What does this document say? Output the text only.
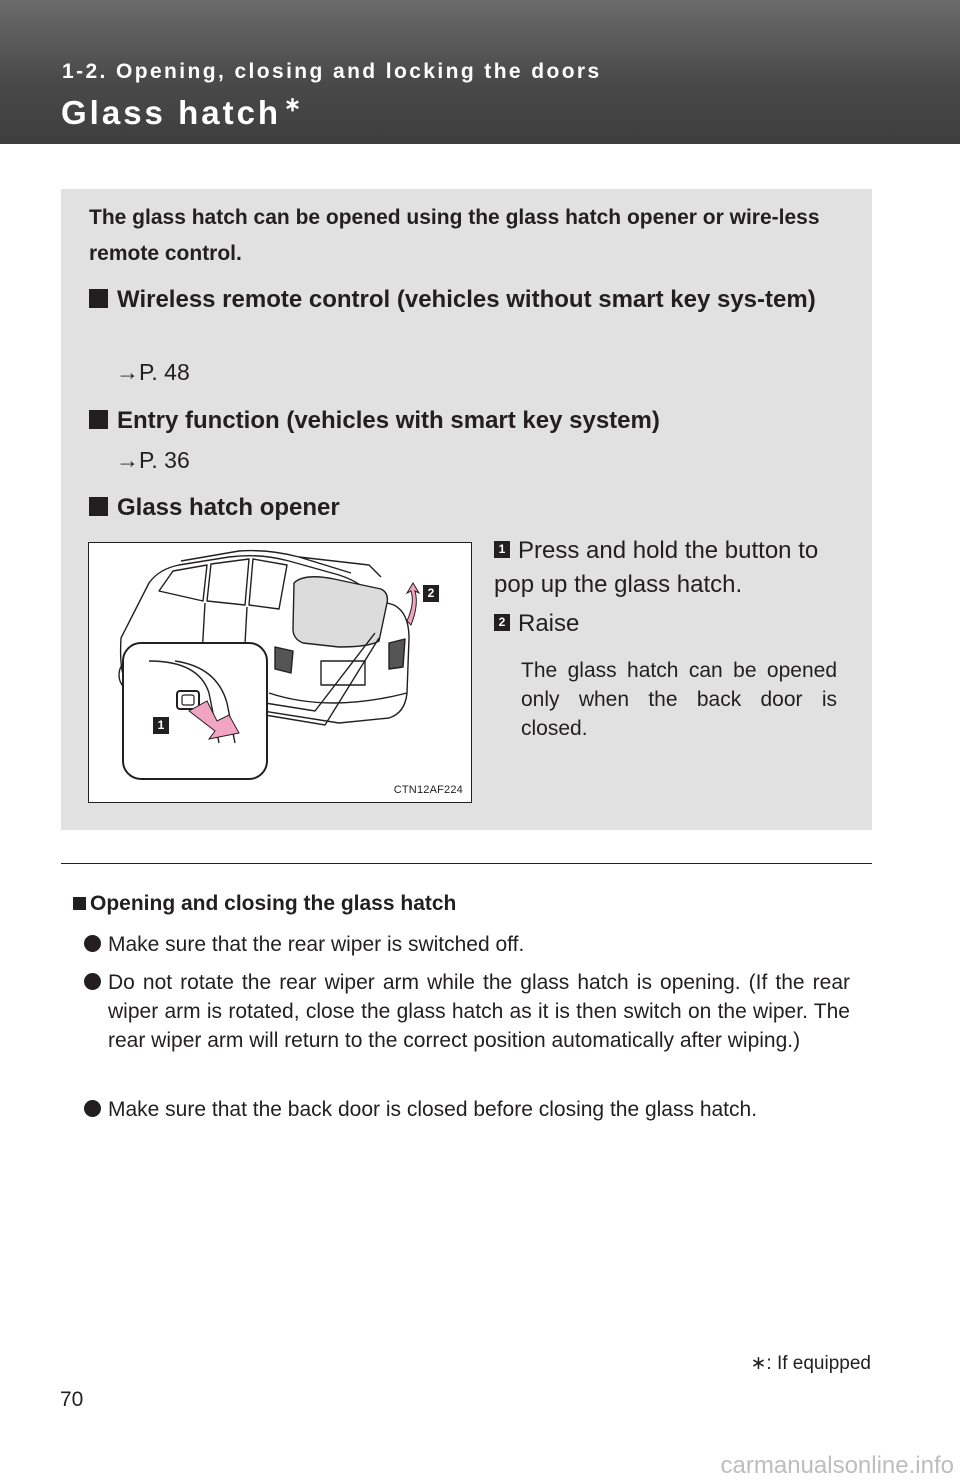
1-2. Opening, closing and locking the doors
Glass hatch ∗
The glass hatch can be opened using the glass hatch opener or wire-less remote control.
Wireless remote control (vehicles without smart key sys-tem)
→P. 48
Entry function (vehicles with smart key system)
→P. 36
Glass hatch opener
2
1
CTN12AF224
1 Press and hold the button to pop up the glass hatch.
2 Raise
The glass hatch can be opened only when the back door is closed.
Opening and closing the glass hatch
Make sure that the rear wiper is switched off.
Do not rotate the rear wiper arm while the glass hatch is opening. (If the rear wiper arm is rotated, close the glass hatch as it is then switch on the wiper. The rear wiper arm will return to the correct position automatically after wiping.)
Make sure that the back door is closed before closing the glass hatch.
∗: If equipped
70
carmanualsonline.info
